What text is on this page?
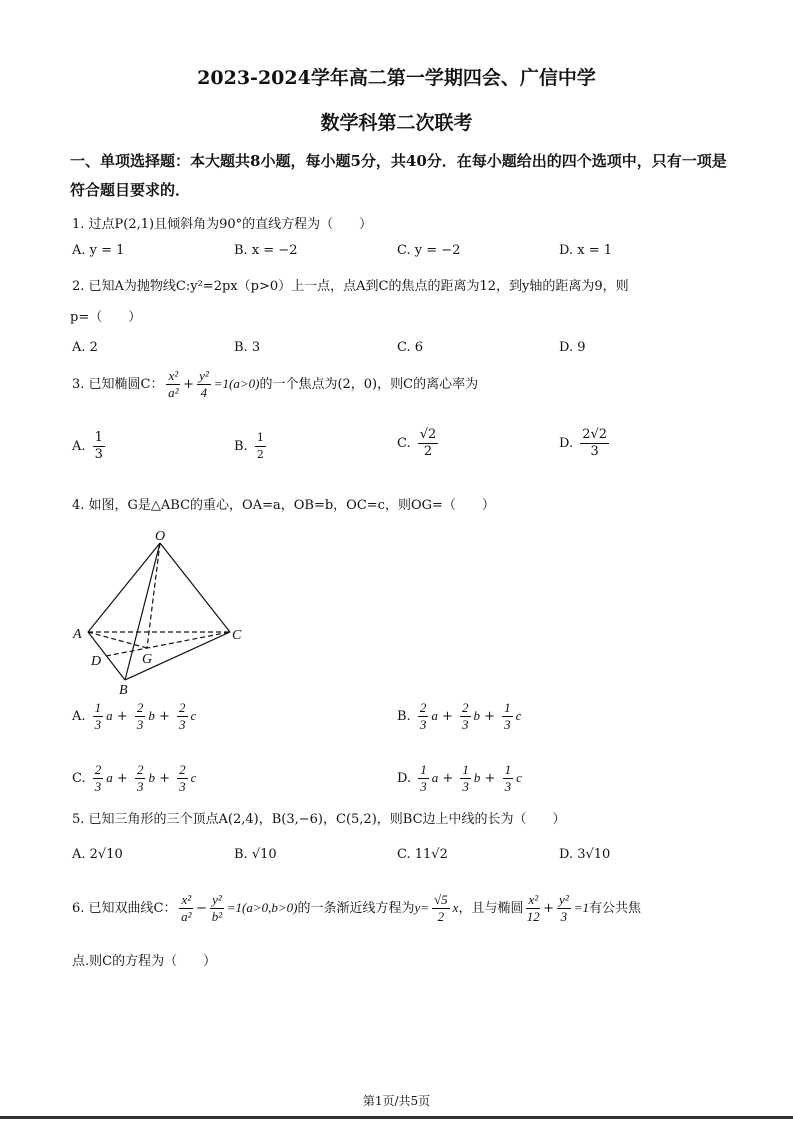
2023-2024学年高二第一学期四会、广信中学
数学科第二次联考
一、单项选择题：本大题共8小题，每小题5分，共40分．在每小题给出的四个选项中，只有一项是符合题目要求的．
1. 过点P(2,1)且倾斜角为90°的直线方程为（　　）
A. y = 1	B. x = −2	C. y = −2	D. x = 1
2. 已知A为抛物线C:y²=2px（p>0）上一点，点A到C的焦点的距离为12，到y轴的距离为9，则
p=（　　）
A. 2	B. 3	C. 6	D. 9
3. 已知椭圆C： $\frac{\text{x²}}{\text{a²}} + \frac{\text{y²}}{4} =1(a>0)$的一个焦点为(2，0)，则C的离心率为
A. $\frac{1}{3}$	B. $\frac{1}{2}$	C. $\frac{√2}{2}$	D. $\frac{2√2}{3}$
4. 如图，G是△ABC的重心，OA=a，OB=b，OC=c，则OG=（　　）
O
A
B
C
D	G
A. $\frac{1}{3}$ $a + \frac{2}{3}$ $b + \frac{2}{3}$ c	B. $\frac{2}{3}$ $a + \frac{2}{3}$ $b + \frac{1}{3}$ c
C. $\frac{2}{3}$ $a + \frac{2}{3}$ $b + \frac{2}{3}$ c	D. $\frac{1}{3}$ $a + \frac{1}{3}$ $b + \frac{1}{3}$ c
5. 已知三角形的三个顶点A(2,4)，B(3,−6)，C(5,2)，则BC边上中线的长为（　　）
A. 2√10	B. √10	C. 11√2	D. 3√10
6. 已知双曲线C： $\frac{\text{x²}}{\text{a²}} - \frac{\text{y²}}{\text{b²}} =1(a>0,b>0)$的一条渐近线方程为$y= \frac{√5}{2}$ x，且与椭圆 $\frac{\text{x²}}{12} + \frac{\text{y²}}{3} =1$有公共焦
点.则C的方程为（　　）
第1页/共5页
